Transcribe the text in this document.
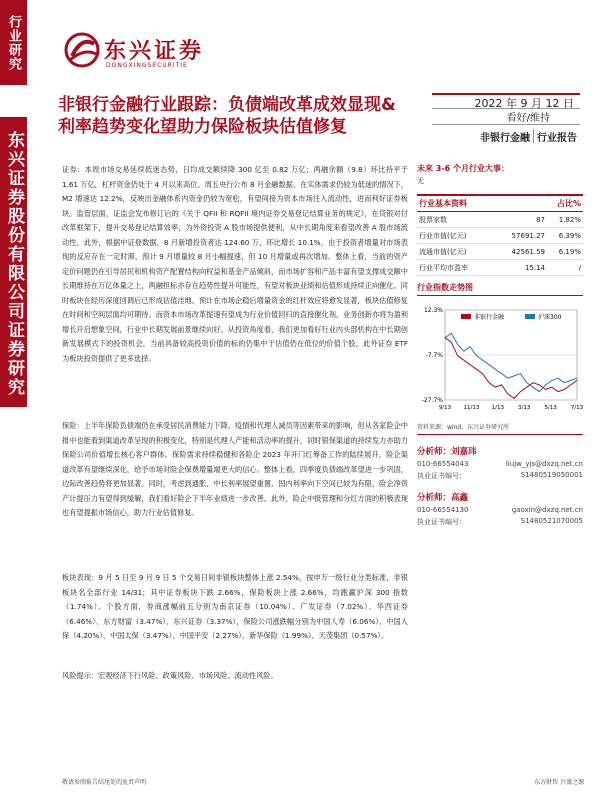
行业研究
东兴证券股份有限公司证券研究
东兴证券
DONGXINGSECURITIE
非银行金融行业跟踪：负债端改革成效显现&利率趋势变化望助力保险板块估值修复
2022 年 9 月 12 日
看好/维持
非银行金融 行业报告

证券：本周市场交易延续低迷态势，日均成交额续降 300 亿至 0.82 万亿；两融余额（9.8）环比持平于 1.61 万亿，杠杆资金仍处于 4 月以来高位。周五央行公布 8 月金融数据，在实体需求仍较为低迷的情况下，M2 增速达 12.2%，反映出金融体系内资金仍较为宽松，有望间接为资本市场注入流动性，进而利好证券板块。监管层面，证监会发布修订后的《关于 QFII 和 RQFII 境内证券交易登记结算业务的规定》，在货银对付改革框架下，提升交易登记结算效率，为外资投资 A 股市场提供便利，从中长期角度来看望改善 A 股市场流动性。此外，根据中证登数据，8 月新增投资者达 124.60 万，环比增长 10.1%，由于投资者增量对市场表现的反应存在一定时滞，预计 9 月增量较 8 月小幅提速，但 10 月增量或再次增加。整体上看，当前的资产定价问题仍在引导居民和机构资产配置结构向权益和基金产品倾斜，而市场扩容和产品丰富有望支撑成交额中长期维持在万亿体量之上，两融担标亦存在趋势性提升可能性，有望对板块业绩和估值形成持续正向催化。同时板块在经历深度回调后已形成估值洼地。预计在市场企稳后增量资金的红杆效应将愈发显著，板块估值修复在时间和空间层面均可期待。而资本市场改革提速有望成为行业价值回归的直接催化剂，业务创新亦将为盈利增长开启想象空间，行业中长期发展前景继续向好。从投资角度看，我们更加看好行业内头部机构在中长期创新发展模式下的投资机会，当前具备较高投资价值的标的仍集中于估值仍在低位的价值个股，此外证券 ETF 为板块投资提供了更多选择。

保险：上半年保险负债端仍在承受居民消费能力下降、疫情和代理人减员等因素带来的影响，但从各家险企中报中也能看到渠道改革呈现的积极变化，特别是代理人产能和活动率的提升，同时银保渠道的持续发力亦助力保险公司价值增长核心客户群体。保险需求持续稳健和各险企 2023 年开门红筹备工作的陆续展开，险企渠道改革有望继续深化，给予市场对险企保费增量端更大的信心。整体上看，四季度负债端改革望进一步巩固，边际改善趋势将更加显著。同时，考虑到通胀、中长利率展望重置、国内利率向下空间已较为有限，险企净资产计提压力有望得到缓解，我们看好险企下半年业绩进一步改善。此外，险企中报管理和分红方面的积极表现也有望提振市场信心，助力行业估值修复。

板块表现：9 月 5 日至 9 月 9 日 5 个交易日间非银板块整体上涨 2.54%，按申万一级行业分类标准，非银板块名全部行业 14/31；其中证券板块下跌 2.66%，保险板块上涨 2.66%，均跑赢沪深 300 指数（1.74%）。个股方面，券商涨幅前五分别为南京证券（10.04%）、广发证券（7.02%）、华西证券（6.46%）、东方财富（3.47%）、东兴证券（3.37%），保险公司涨跌幅分别为中国人寿（6.06%）、中国人保（4.20%）、中国太保（3.47%）、中国平安（2.27%）、新华保险（1.99%）、天茂集团（0.57%）。

风险提示：宏观经济下行风险、政策风险、市场风险、流动性风险。

未来 3-6 个月行业大事：
无
行业基本资料	占比%
股票家数	87	1.82%
行业市值(亿元)	57691.27	6.39%
流通市值(亿元)	42561.59	6.19%
行业平均市盈率	15.14	/
行业指数走势图
12.3%
-7.7%
-27.7%
9/13 11/13 1/13	3/13	5/13	7/13
非银行金融	沪深300
资料来源：wind、东兴证券研究所
分析师：刘嘉玮
010-66554043	liujw_yjs@dxzq.net.cn
执业证书编号：	S1480519050001
分析师：高鑫
010-66554130	gaoxin@dxzq.net.cn
执业证书编号：	S1480521070005
敬请参阅报告结尾处的免责声明	东方财智 兴盛之源
